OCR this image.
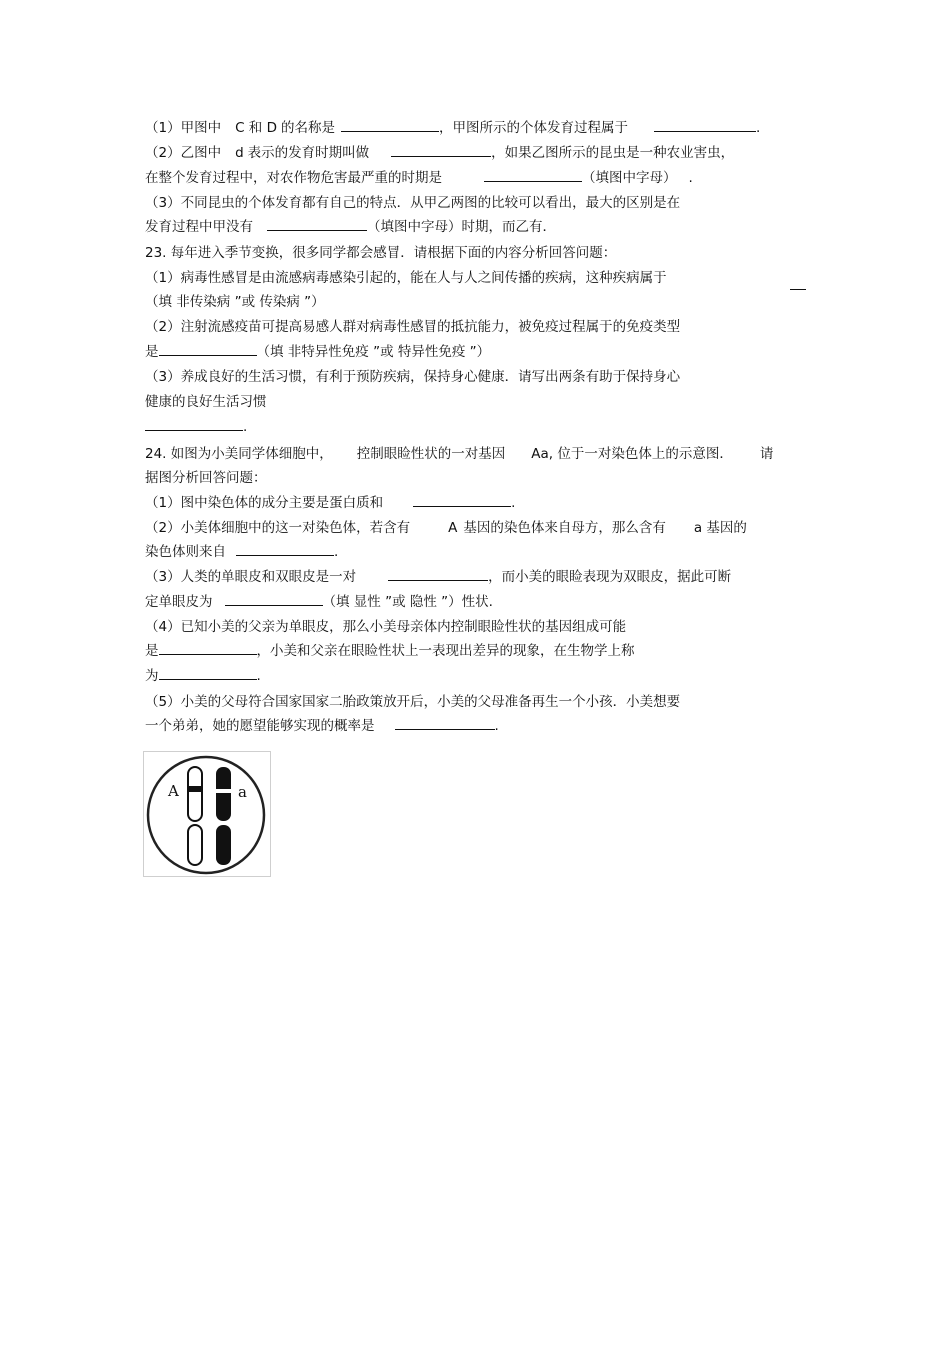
（1）甲图中 C 和 D 的名称是	，甲图所示的个体发育过程属于	.
（2）乙图中 d 表示的发育时期叫做	，如果乙图所示的昆虫是一种农业害虫，
在整个发育过程中，对农作物危害最严重的时期是	（填图中字母） .
（3）不同昆虫的个体发育都有自己的特点．从甲乙两图的比较可以看出，最大的区别是在
发育过程中甲没有	（填图中字母）时期，而乙有．
23. 每年进入季节变换，很多同学都会感冒．请根据下面的内容分析回答问题：
（1）病毒性感冒是由流感病毒感染引起的，能在人与人之间传播的疾病，这种疾病属于
（填 非传染病 ”或 传染病 ”）
（2）注射流感疫苗可提高易感人群对病毒性感冒的抵抗能力，被免疫过程属于的免疫类型
是	（填 非特异性免疫 ”或 特异性免疫 ”）
（3）养成良好的生活习惯，有利于预防疾病，保持身心健康．请写出两条有助于保持身心
健康的良好生活习惯
.
24. 如图为小美同学体细胞中， 控制眼睑性状的一对基因 Aa, 位于一对染色体上的示意图． 请
据图分析回答问题：
（1）图中染色体的成分主要是蛋白质和	.
（2）小美体细胞中的这一对染色体，若含有	A 基因的染色体来自母方，那么含有 a 基因的
染色体则来自	.
（3）人类的单眼皮和双眼皮是一对	，而小美的眼睑表现为双眼皮，据此可断
定单眼皮为	（填 显性 ”或 隐性 ”）性状.
（4）已知小美的父亲为单眼皮，那么小美母亲体内控制眼睑性状的基因组成可能
是	，小美和父亲在眼睑性状上一表现出差异的现象，在生物学上称
为	.
（5）小美的父母符合国家国家二胎政策放开后，小美的父母准备再生一个小孩．小美想要
一个弟弟，她的愿望能够实现的概率是	.
A	a
